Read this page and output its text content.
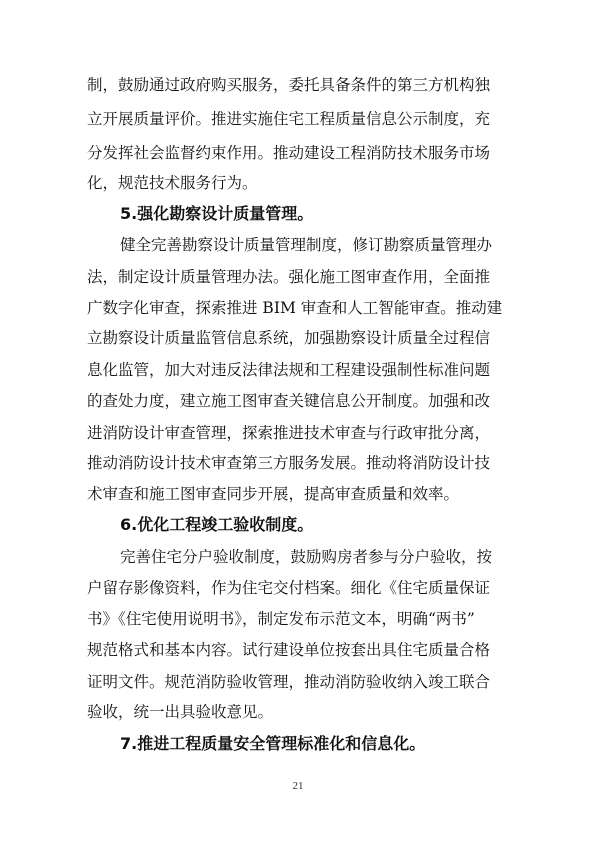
制，鼓励通过政府购买服务，委托具备条件的第三方机构独
立开展质量评价。推进实施住宅工程质量信息公示制度，充
分发挥社会监督约束作用。推动建设工程消防技术服务市场
化，规范技术服务行为。
5.强化勘察设计质量管理。
健全完善勘察设计质量管理制度，修订勘察质量管理办
法，制定设计质量管理办法。强化施工图审查作用，全面推
广数字化审查，探索推进 BIM 审查和人工智能审查。推动建
立勘察设计质量监管信息系统，加强勘察设计质量全过程信
息化监管，加大对违反法律法规和工程建设强制性标准问题
的查处力度，建立施工图审查关键信息公开制度。加强和改
进消防设计审查管理，探索推进技术审查与行政审批分离，
推动消防设计技术审查第三方服务发展。推动将消防设计技
术审查和施工图审查同步开展，提高审查质量和效率。
6.优化工程竣工验收制度。
完善住宅分户验收制度，鼓励购房者参与分户验收，按
户留存影像资料，作为住宅交付档案。细化《住宅质量保证
书》《住宅使用说明书》，制定发布示范文本，明确“两书”
规范格式和基本内容。试行建设单位按套出具住宅质量合格
证明文件。规范消防验收管理，推动消防验收纳入竣工联合
验收，统一出具验收意见。
7.推进工程质量安全管理标准化和信息化。
21
